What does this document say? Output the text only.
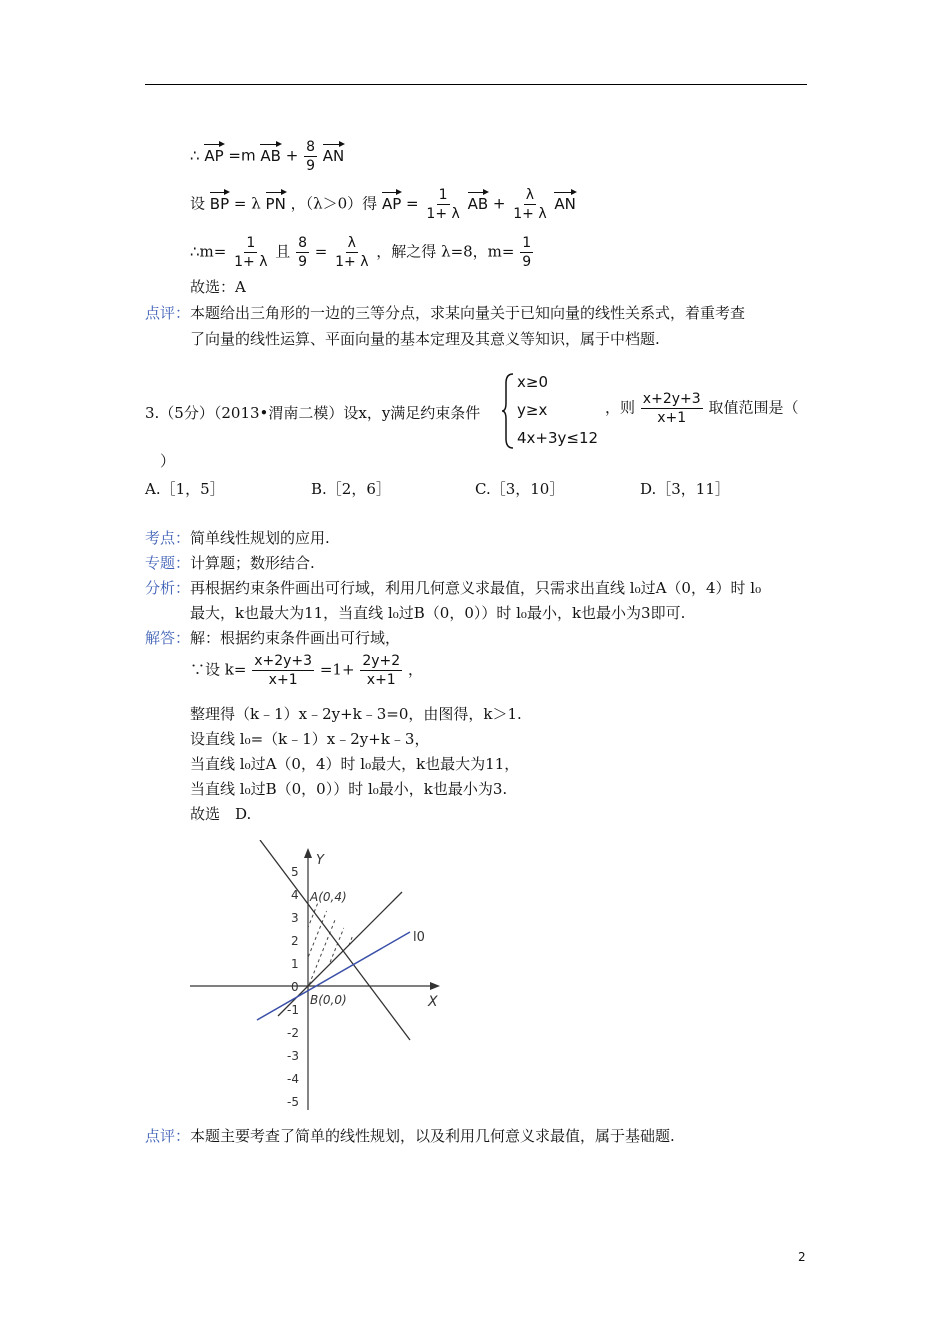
∴ AP =m AB + $\frac{8}{9}$ AN
设 BP = λ PN ，（λ＞0）得 AP = $\frac{1}{1+ \lambda}$ AB + $\frac{\lambda}{1+ \lambda}$ AN
∴m= $\frac{1}{1+ \lambda}$ 且 $\frac{8}{9} = \frac{\lambda}{1+ \lambda}$ ，解之得 λ=8，$m= \frac{1}{9}$
故选：A
点评：本题给出三角形的一边的三等分点，求某向量关于已知向量的线性关系式，着重考查
了向量的线性运算、平面向量的基本定理及其意义等知识，属于中档题.
3.（5分）（2013•渭南二模）设x，y满足约束条件
x≥0
y≥x
4x+3y≤12
，则 $\frac{x+2y+3}{x+1}$ 取值范围是（
）
A.［1，5］	B.［2，6］	C.［3，10］	D.［3，11］
考点：简单线性规划的应用.
专题：计算题；数形结合.
分析：再根据约束条件画出可行域，利用几何意义求最值，只需求出直线 l₀过A（0，4）时 l₀
最大，k也最大为11，当直线 l₀过B（0，0））时 l₀最小，k也最小为3即可.
解答：解：根据约束条件画出可行域，
∵设 $k= \frac{x+2y+3}{x+1} =1+ \frac{2y+2}{x+1}$ ，
整理得（k﹣1）x﹣2y+k﹣3=0，由图得，k＞1.
设直线 l₀=（k﹣1）x﹣2y+k﹣3，
当直线 l₀过A（0，4）时 l₀最大，k也最大为11，
当直线 l₀过B（0，0））时 l₀最小，k也最小为3.
故选　D.
5
4
3
2
1
0
-1
-2
-3
-4
-5
Y
X
A(0,4)
B(0,0)
l0
点评：本题主要考查了简单的线性规划，以及利用几何意义求最值，属于基础题.
2
